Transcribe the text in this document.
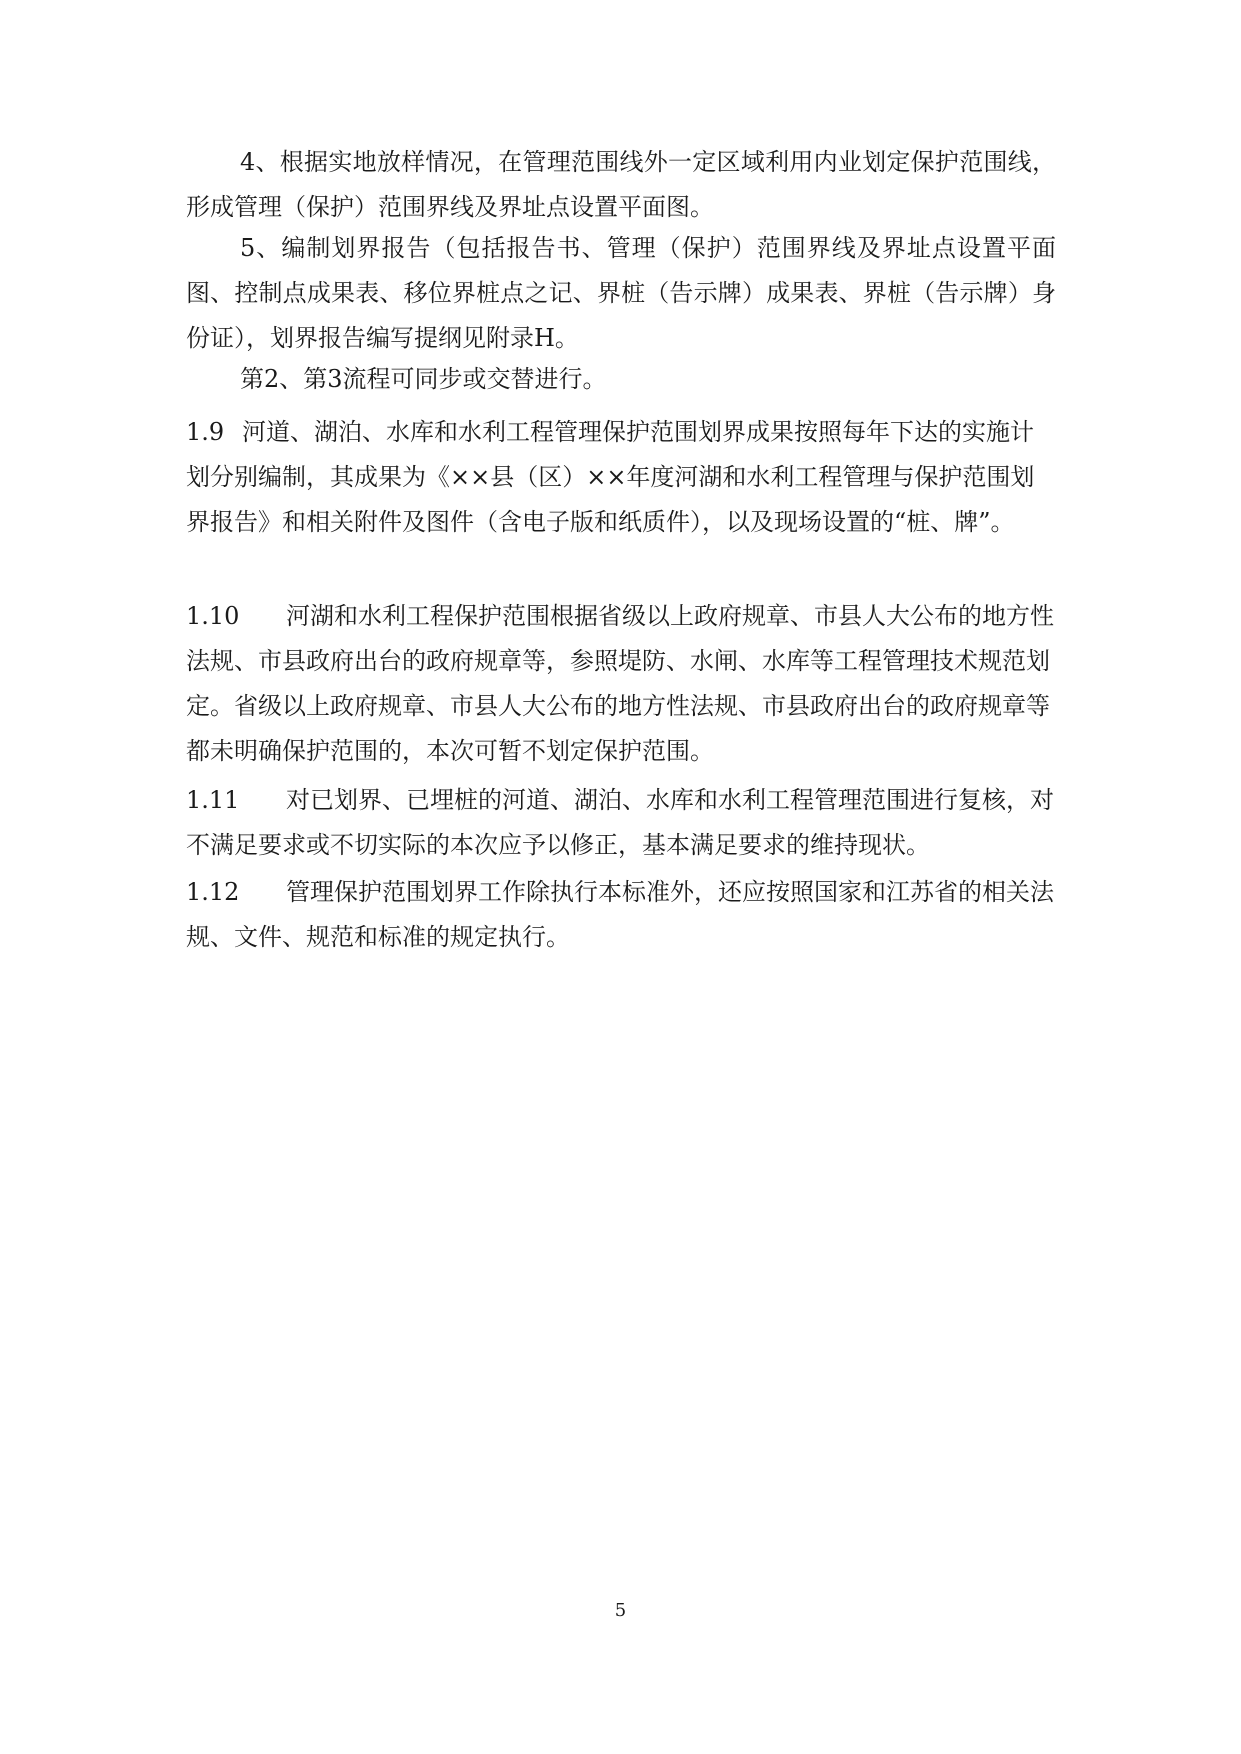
4、根据实地放样情况，在管理范围线外一定区域利用内业划定保护范围线，形成管理（保护）范围界线及界址点设置平面图。

5、编制划界报告（包括报告书、管理（保护）范围界线及界址点设置平面图、控制点成果表、移位界桩点之记、界桩（告示牌）成果表、界桩（告示牌）身份证），划界报告编写提纲见附录H。

第2、第3流程可同步或交替进行。

1.9 河道、湖泊、水库和水利工程管理保护范围划界成果按照每年下达的实施计划分别编制，其成果为《××县（区）××年度河湖和水利工程管理与保护范围划界报告》和相关附件及图件（含电子版和纸质件），以及现场设置的“桩、牌”。
1.10 河湖和水利工程保护范围根据省级以上政府规章、市县人大公布的地方性法规、市县政府出台的政府规章等，参照堤防、水闸、水库等工程管理技术规范划定。省级以上政府规章、市县人大公布的地方性法规、市县政府出台的政府规章等都未明确保护范围的，本次可暂不划定保护范围。
1.11 对已划界、已埋桩的河道、湖泊、水库和水利工程管理范围进行复核，对不满足要求或不切实际的本次应予以修正，基本满足要求的维持现状。
1.12 管理保护范围划界工作除执行本标准外，还应按照国家和江苏省的相关法规、文件、规范和标准的规定执行。
5
